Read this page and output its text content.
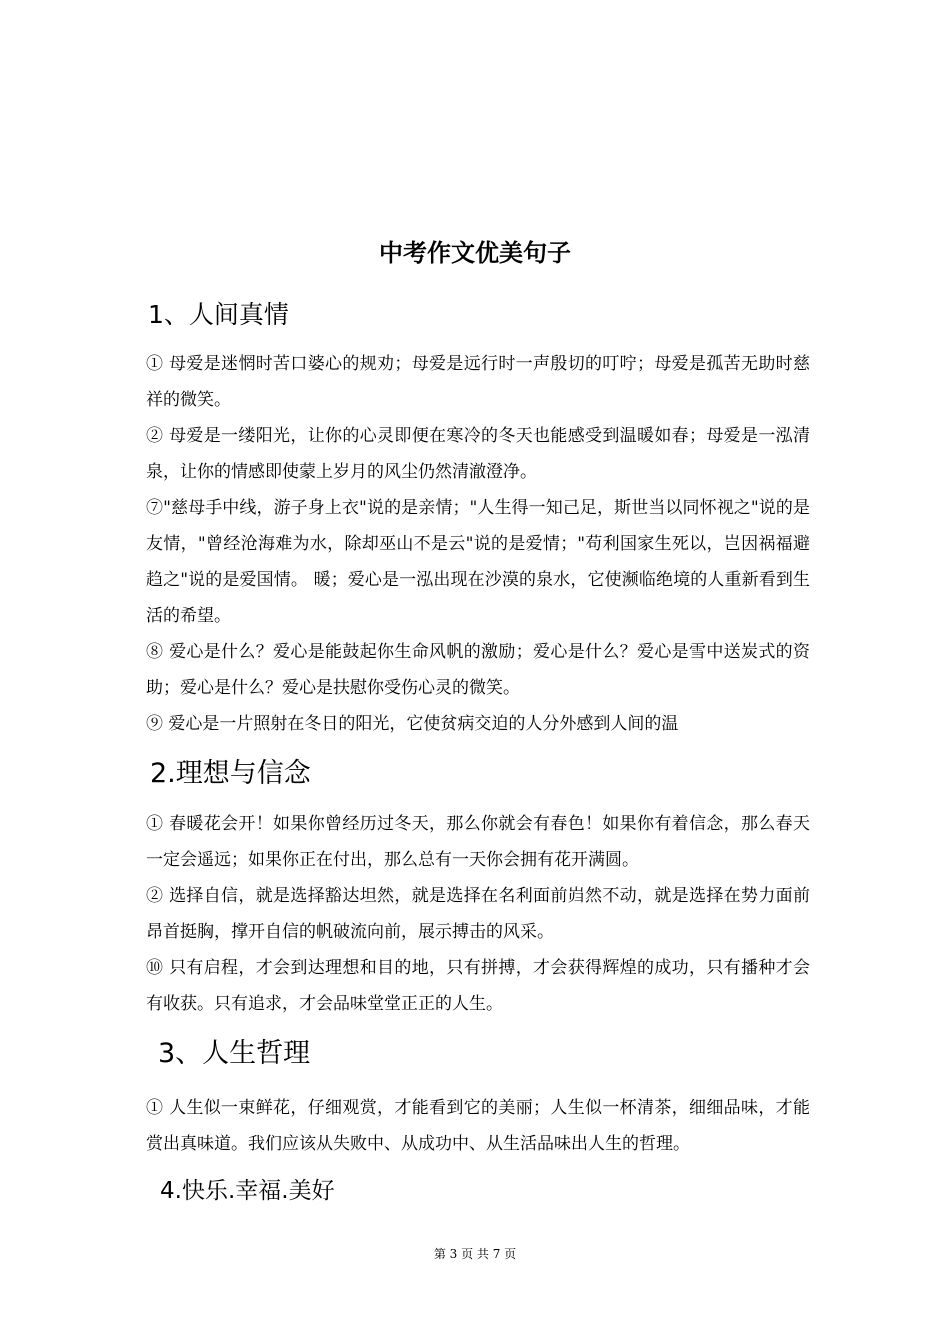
中考作文优美句子
1、人间真情

① 母爱是迷惘时苦口婆心的规劝；母爱是远行时一声殷切的叮咛；母爱是孤苦无助时慈祥的微笑。

② 母爱是一缕阳光，让你的心灵即便在寒冷的冬天也能感受到温暖如春；母爱是一泓清泉，让你的情感即使蒙上岁月的风尘仍然清澈澄净。

⑦"慈母手中线，游子身上衣"说的是亲情；"人生得一知己足，斯世当以同怀视之"说的是友情，"曾经沧海难为水，除却巫山不是云"说的是爱情；"苟利国家生死以，岂因祸福避趋之"说的是爱国情。 暖；爱心是一泓出现在沙漠的泉水，它使濒临绝境的人重新看到生活的希望。

⑧ 爱心是什么？爱心是能鼓起你生命风帆的激励；爱心是什么？爱心是雪中送炭式的资助；爱心是什么？爱心是扶慰你受伤心灵的微笑。

⑨ 爱心是一片照射在冬日的阳光，它使贫病交迫的人分外感到人间的温

2.理想与信念

① 春暖花会开！如果你曾经历过冬天，那么你就会有春色！如果你有着信念，那么春天一定会遥远；如果你正在付出，那么总有一天你会拥有花开满圆。

② 选择自信，就是选择豁达坦然，就是选择在名利面前岿然不动，就是选择在势力面前昂首挺胸，撑开自信的帆破流向前，展示搏击的风采。

⑩ 只有启程，才会到达理想和目的地，只有拼搏，才会获得辉煌的成功，只有播种才会有收获。只有追求，才会品味堂堂正正的人生。

3、人生哲理

① 人生似一束鲜花，仔细观赏，才能看到它的美丽；人生似一杯清茶，细细品味，才能赏出真味道。我们应该从失败中、从成功中、从生活品味出人生的哲理。

4.快乐.幸福.美好
第 3 页 共 7 页
